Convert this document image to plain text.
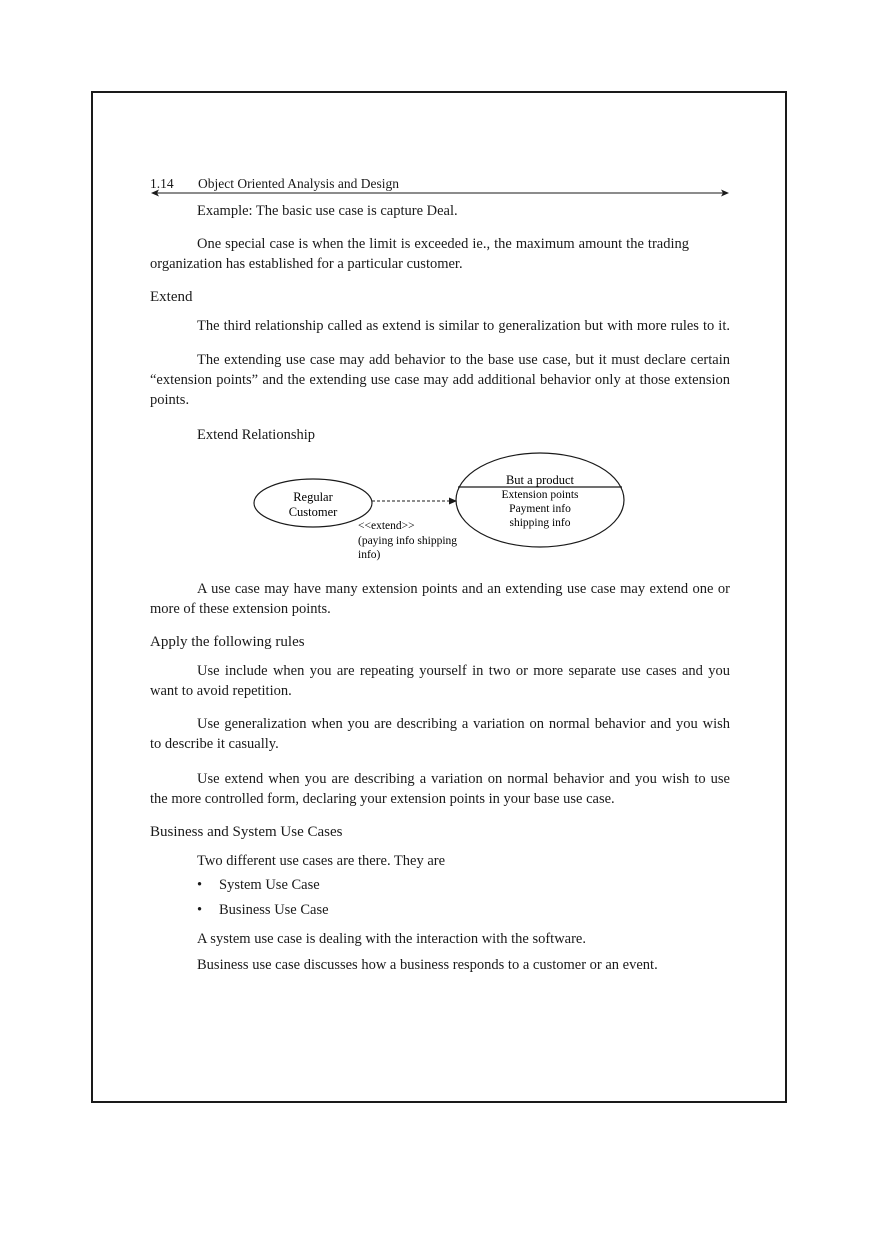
1.14 Object Oriented Analysis and Design

Example: The basic use case is capture Deal.

One special case is when the limit is exceeded ie., the maximum amount the trading

organization has established for a particular customer.

Extend

The third relationship called as extend is similar to generalization but with more rules to it.

The extending use case may add behavior to the base use case, but it must declare certain

“extension points” and the extending use case may add additional behavior only at those extension

points.

Extend Relationship

Regular
Customer
But a product
Extension points
Payment info
shipping info
<<extend>>
(paying info shipping
info)

A use case may have many extension points and an extending use case may extend one or

more of these extension points.

Apply the following rules

Use include when you are repeating yourself in two or more separate use cases and you

want to avoid repetition.

Use generalization when you are describing a variation on normal behavior and you wish

to describe it casually.

Use extend when you are describing a variation on normal behavior and you wish to use

the more controlled form, declaring your extension points in your base use case.

Business and System Use Cases

Two different use cases are there. They are

• System Use Case
• Business Use Case

A system use case is dealing with the interaction with the software.

Business use case discusses how a business responds to a customer or an event.
